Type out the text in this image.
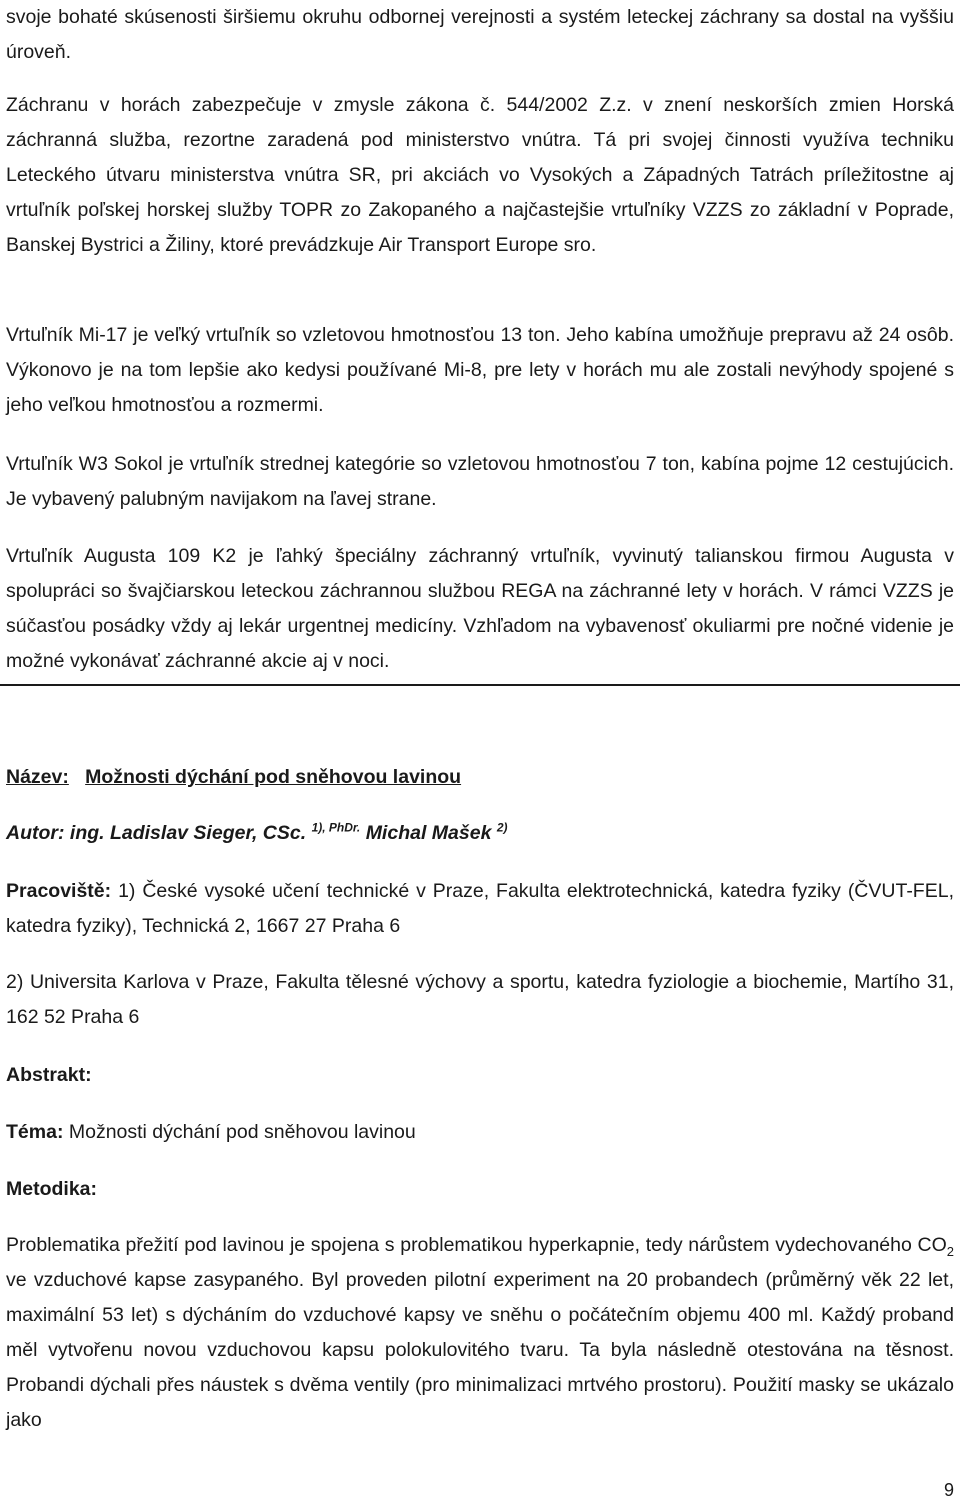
svoje bohaté skúsenosti širšiemu okruhu odbornej verejnosti a systém leteckej záchrany sa dostal na vyššiu úroveň.

Záchranu v horách zabezpečuje v zmysle zákona č. 544/2002 Z.z. v znení neskorších zmien Horská záchranná služba, rezortne zaradená pod ministerstvo vnútra. Tá pri svojej činnosti využíva techniku Leteckého útvaru ministerstva vnútra SR, pri akciách vo Vysokých a Západných Tatrách príležitostne aj vrtuľník poľskej horskej služby TOPR zo Zakopaného a najčastejšie vrtuľníky VZZS zo základní v Poprade, Banskej Bystrici a Žiliny, ktoré prevádzkuje Air Transport Europe sro.

Vrtuľník Mi-17 je veľký vrtuľník so vzletovou hmotnosťou 13 ton. Jeho kabína umožňuje prepravu až 24 osôb. Výkonovo je na tom lepšie ako kedysi používané Mi-8, pre lety v horách mu ale zostali nevýhody spojené s jeho veľkou hmotnosťou a rozmermi.

Vrtuľník W3 Sokol je vrtuľník strednej kategórie so vzletovou hmotnosťou 7 ton, kabína pojme 12 cestujúcich. Je vybavený palubným navijakom na ľavej strane.

Vrtuľník Augusta 109 K2 je ľahký špeciálny záchranný vrtuľník, vyvinutý talianskou firmou Augusta v spolupráci so švajčiarskou leteckou záchrannou službou REGA na záchranné lety v horách. V rámci VZZS je súčasťou posádky vždy aj lekár urgentnej medicíny. Vzhľadom na vybavenosť okuliarmi pre nočné videnie je možné vykonávať záchranné akcie aj v noci.

Název: Možnosti dýchání pod sněhovou lavinou

Autor: ing. Ladislav Sieger, CSc. $^{1), PhDr.}$ Michal Mašek $^{2)}$

Pracoviště: 1) České vysoké učení technické v Praze, Fakulta elektrotechnická, katedra fyziky (ČVUT-FEL, katedra fyziky), Technická 2, 1667 27 Praha 6

2) Universita Karlova v Praze, Fakulta tělesné výchovy a sportu, katedra fyziologie a biochemie, Martího 31, 162 52 Praha 6

Abstrakt:

Téma: Možnosti dýchání pod sněhovou lavinou

Metodika:

Problematika přežití pod lavinou je spojena s problematikou hyperkapnie, tedy nárůstem vydechovaného $CO_2$ ve vzduchové kapse zasypaného. Byl proveden pilotní experiment na 20 probandech (průměrný věk 22 let, maximální 53 let) s dýcháním do vzduchové kapsy ve sněhu o počátečním objemu 400 ml. Každý proband měl vytvořenu novou vzduchovou kapsu polokulovitého tvaru. Ta byla následně otestována na těsnost. Probandi dýchali přes náustek s dvěma ventily (pro minimalizaci mrtvého prostoru). Použití masky se ukázalo jako

9
